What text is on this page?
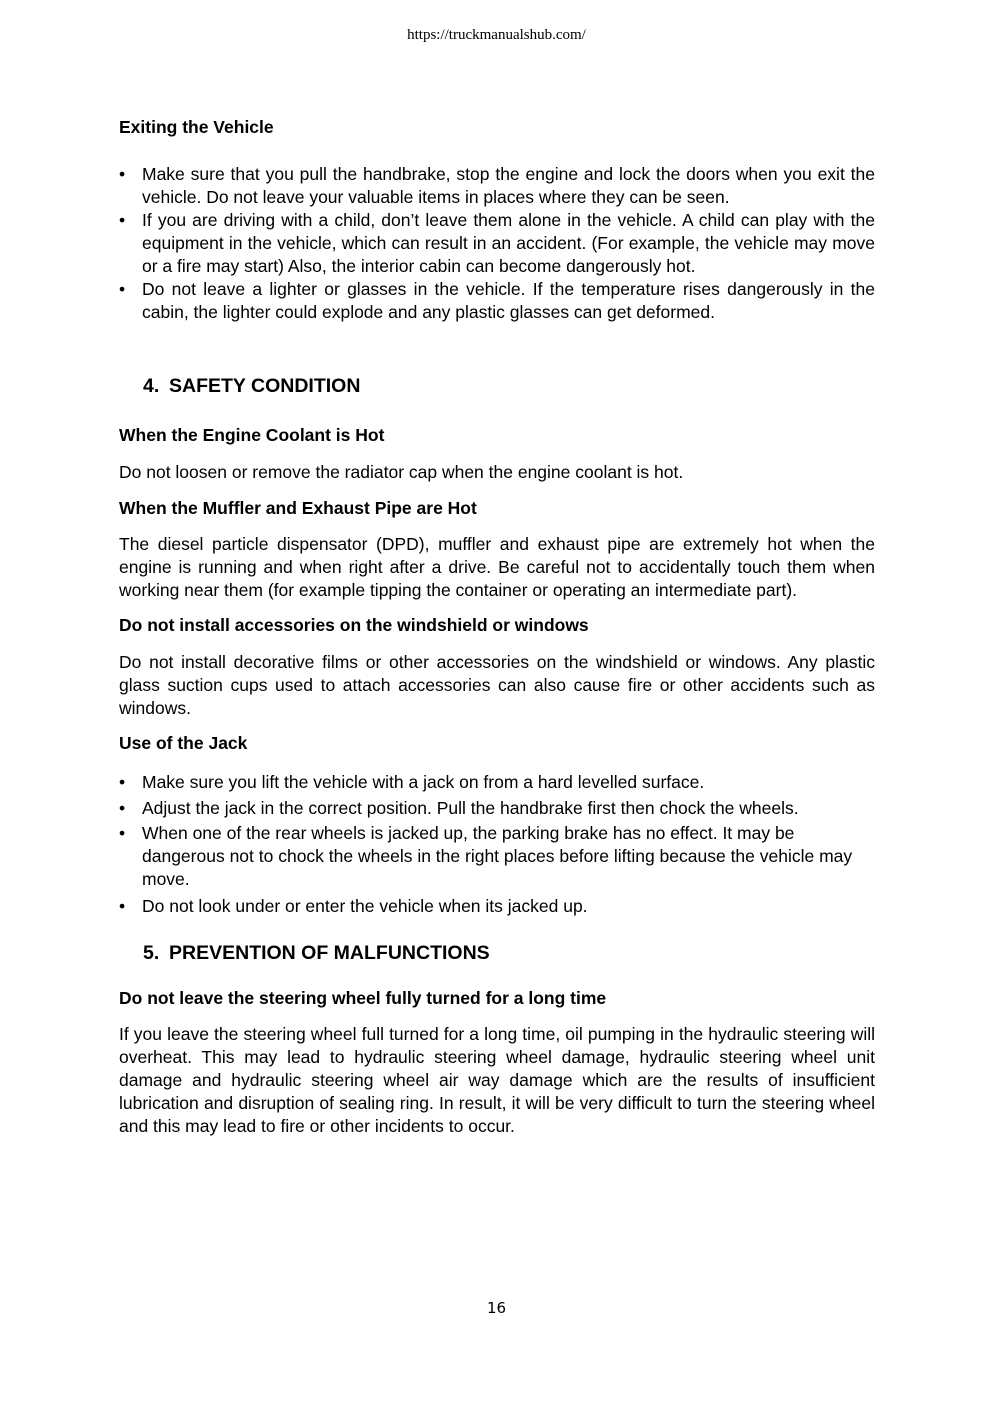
https://truckmanualshub.com/
Exiting the Vehicle
• Make sure that you pull the handbrake, stop the engine and lock the doors when you exit the vehicle. Do not leave your valuable items in places where they can be seen.
• If you are driving with a child, don’t leave them alone in the vehicle. A child can play with the equipment in the vehicle, which can result in an accident. (For example, the vehicle may move or a fire may start) Also, the interior cabin can become dangerously hot.
• Do not leave a lighter or glasses in the vehicle. If the temperature rises dangerously in the cabin, the lighter could explode and any plastic glasses can get deformed.
4. SAFETY CONDITION
When the Engine Coolant is Hot
Do not loosen or remove the radiator cap when the engine coolant is hot.
When the Muffler and Exhaust Pipe are Hot
The diesel particle dispensator (DPD), muffler and exhaust pipe are extremely hot when the engine is running and when right after a drive. Be careful not to accidentally touch them when working near them (for example tipping the container or operating an intermediate part).
Do not install accessories on the windshield or windows
Do not install decorative films or other accessories on the windshield or windows. Any plastic glass suction cups used to attach accessories can also cause fire or other accidents such as windows.
Use of the Jack
• Make sure you lift the vehicle with a jack on from a hard levelled surface.
• Adjust the jack in the correct position. Pull the handbrake first then chock the wheels.
• When one of the rear wheels is jacked up, the parking brake has no effect. It may be dangerous not to chock the wheels in the right places before lifting because the vehicle may move.
• Do not look under or enter the vehicle when its jacked up.
5. PREVENTION OF MALFUNCTIONS
Do not leave the steering wheel fully turned for a long time
If you leave the steering wheel full turned for a long time, oil pumping in the hydraulic steering will overheat. This may lead to hydraulic steering wheel damage, hydraulic steering wheel unit damage and hydraulic steering wheel air way damage which are the results of insufficient lubrication and disruption of sealing ring. In result, it will be very difficult to turn the steering wheel and this may lead to fire or other incidents to occur.
16
